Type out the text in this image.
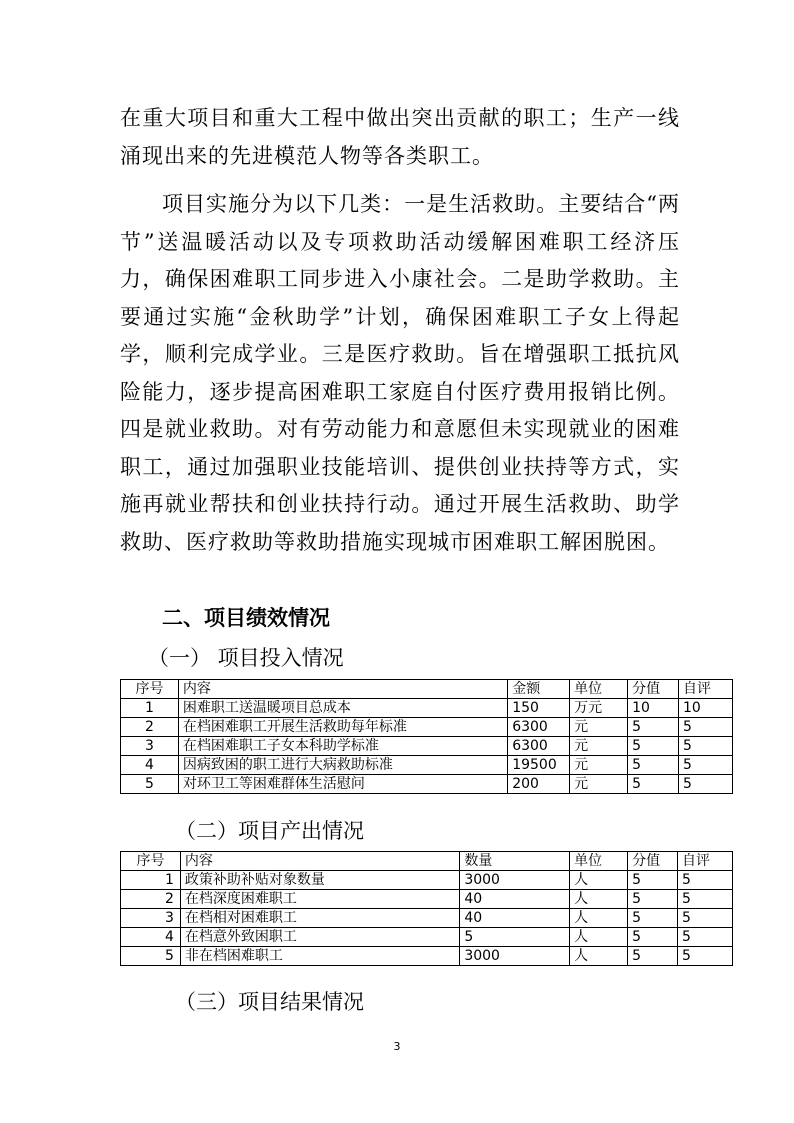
在重大项目和重大工程中做出突出贡献的职工；生产一线涌现出来的先进模范人物等各类职工。
项目实施分为以下几类：一是生活救助。主要结合“两节”送温暖活动以及专项救助活动缓解困难职工经济压力，确保困难职工同步进入小康社会。二是助学救助。主要通过实施“金秋助学”计划，确保困难职工子女上得起学，顺利完成学业。三是医疗救助。旨在增强职工抵抗风险能力，逐步提高困难职工家庭自付医疗费用报销比例。四是就业救助。对有劳动能力和意愿但未实现就业的困难职工，通过加强职业技能培训、提供创业扶持等方式，实施再就业帮扶和创业扶持行动。通过开展生活救助、助学救助、医疗救助等救助措施实现城市困难职工解困脱困。
二、项目绩效情况
（一） 项目投入情况
序号	内容	金额	单位	分值	自评
1	困难职工送温暖项目总成本	150	万元	10	10
2	在档困难职工开展生活救助每年标准	6300	元	5	5
3	在档困难职工子女本科助学标准	6300	元	5	5
4	因病致困的职工进行大病救助标准	19500	元	5	5
5	对环卫工等困难群体生活慰问	200	元	5	5
（二）项目产出情况
序号	内容	数量	单位	分值	自评
1	政策补助补贴对象数量	3000	人	5	5
2	在档深度困难职工	40	人	5	5
3	在档相对困难职工	40	人	5	5
4	在档意外致困职工	5	人	5	5
5	非在档困难职工	3000	人	5	5
（三）项目结果情况
3
